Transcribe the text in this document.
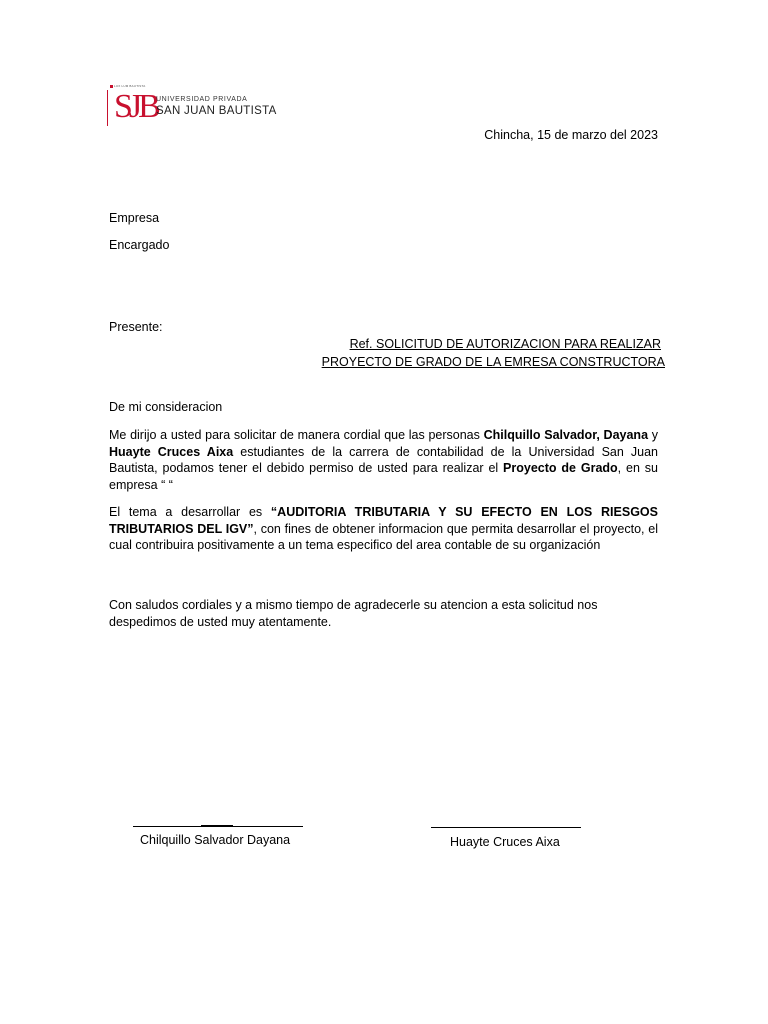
LUX LUM BAUTISTA
SJB UNIVERSIDAD PRIVADA
SAN JUAN BAUTISTA
Chincha, 15 de marzo del 2023
Empresa
Encargado
Presente:
Ref. SOLICITUD DE AUTORIZACION PARA REALIZAR
PROYECTO DE GRADO DE LA EMRESA CONSTRUCTORA
De mi consideracion
Me dirijo a usted para solicitar de manera cordial que las personas Chilquillo Salvador, Dayana y Huayte Cruces Aixa estudiantes de la carrera de contabilidad de la Universidad San Juan Bautista, podamos tener el debido permiso de usted para realizar el Proyecto de Grado, en su empresa “ “
El tema a desarrollar es “AUDITORIA TRIBUTARIA Y SU EFECTO EN LOS RIESGOS TRIBUTARIOS DEL IGV”, con fines de obtener informacion que permita desarrollar el proyecto, el cual contribuira positivamente a un tema especifico del area contable de su organización
Con saludos cordiales y a mismo tiempo de agradecerle su atencion a esta solicitud nos despedimos de usted muy atentamente.
Chilquillo Salvador Dayana	Huayte Cruces Aixa
